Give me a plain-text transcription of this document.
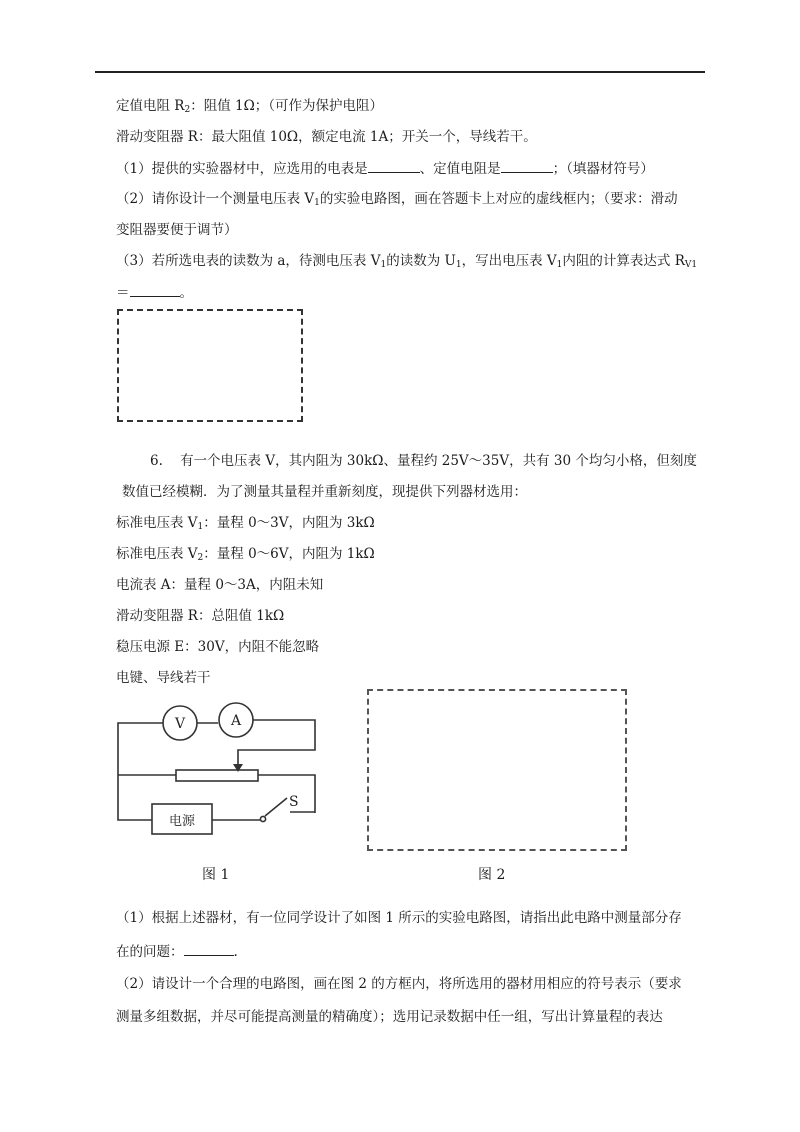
定值电阻 $R_2$：阻值 1Ω；（可作为保护电阻）
滑动变阻器 R：最大阻值 10Ω，额定电流 1A；开关一个，导线若干。
（1）提供的实验器材中，应选用的电表是	、定值电阻是	；（填器材符号）
（2）请你设计一个测量电压表 $V_1$的实验电路图，画在答题卡上对应的虚线框内；（要求：滑动
变阻器要便于调节）
（3）若所选电表的读数为 a，待测电压表 $V_1$的读数为 $U_1$，写出电压表 $V_1$内阻的计算表达式 $R_{V1}$
＝	。
6. 有一个电压表 V，其内阻为 30kΩ、量程约 25V～35V，共有 30 个均匀小格，但刻度
数值已经模糊．为了测量其量程并重新刻度，现提供下列器材选用：
标准电压表 $V_1$：量程 0～3V，内阻为 3kΩ
标准电压表 $V_2$：量程 0～6V，内阻为 1kΩ
电流表 A：量程 0～3A，内阻未知
滑动变阻器 R：总阻值 1kΩ
稳压电源 E：30V，内阻不能忽略
电键、导线若干
V	A
电源
S
图 1	图 2
（1）根据上述器材，有一位同学设计了如图 1 所示的实验电路图，请指出此电路中测量部分存
在的问题：	.
（2）请设计一个合理的电路图，画在图 2 的方框内，将所选用的器材用相应的符号表示（要求
测量多组数据，并尽可能提高测量的精确度）；选用记录数据中任一组，写出计算量程的表达
